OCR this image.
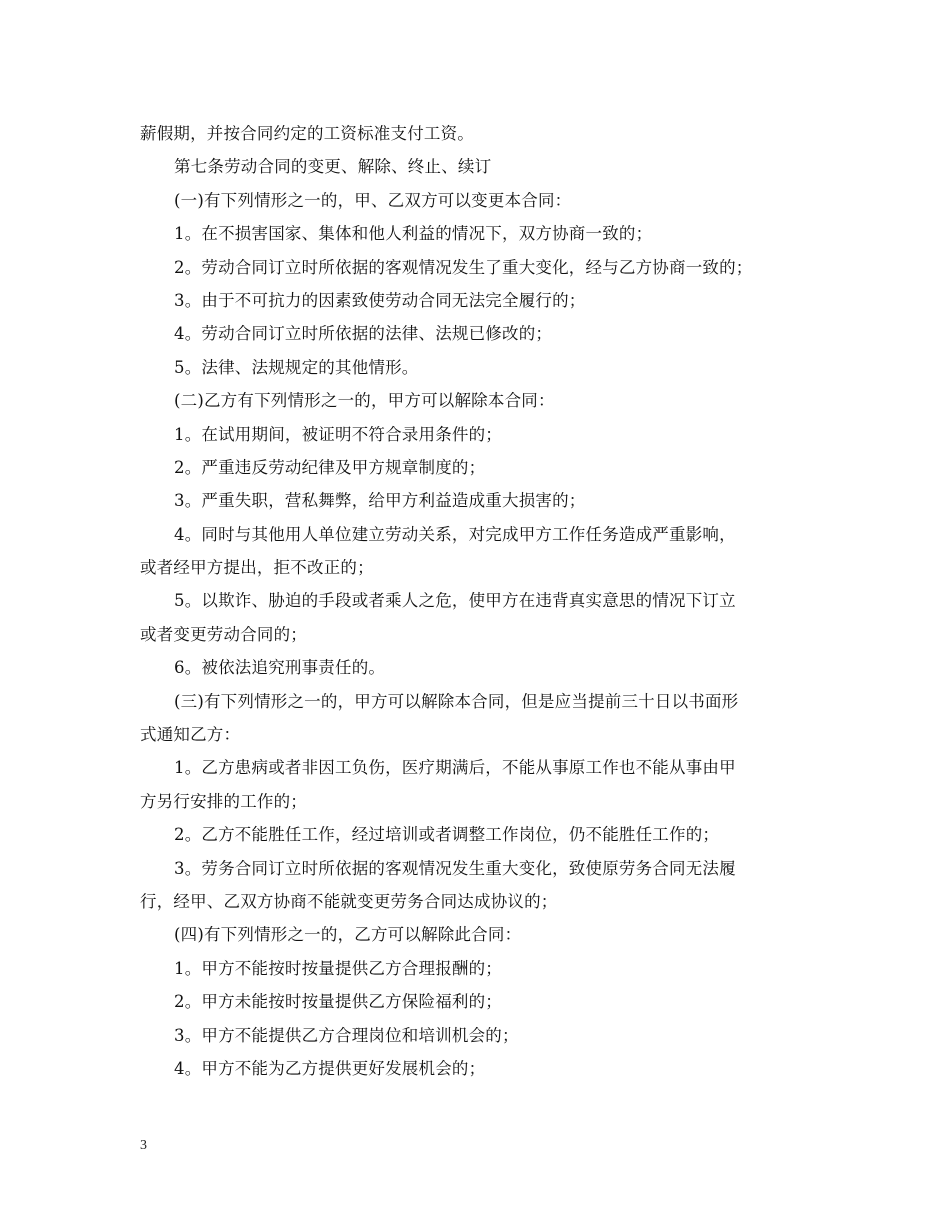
薪假期，并按合同约定的工资标准支付工资。
第七条劳动合同的变更、解除、终止、续订
(一)有下列情形之一的，甲、乙双方可以变更本合同：
1。在不损害国家、集体和他人利益的情况下，双方协商一致的；
2。劳动合同订立时所依据的客观情况发生了重大变化，经与乙方协商一致的；
3。由于不可抗力的因素致使劳动合同无法完全履行的；
4。劳动合同订立时所依据的法律、法规已修改的；
5。法律、法规规定的其他情形。
(二)乙方有下列情形之一的，甲方可以解除本合同：
1。在试用期间，被证明不符合录用条件的；
2。严重违反劳动纪律及甲方规章制度的；
3。严重失职，营私舞弊，给甲方利益造成重大损害的；
4。同时与其他用人单位建立劳动关系，对完成甲方工作任务造成严重影响，
或者经甲方提出，拒不改正的；
5。以欺诈、胁迫的手段或者乘人之危，使甲方在违背真实意思的情况下订立
或者变更劳动合同的；
6。被依法追究刑事责任的。
(三)有下列情形之一的，甲方可以解除本合同，但是应当提前三十日以书面形
式通知乙方：
1。乙方患病或者非因工负伤，医疗期满后，不能从事原工作也不能从事由甲
方另行安排的工作的；
2。乙方不能胜任工作，经过培训或者调整工作岗位，仍不能胜任工作的；
3。劳务合同订立时所依据的客观情况发生重大变化，致使原劳务合同无法履
行，经甲、乙双方协商不能就变更劳务合同达成协议的；
(四)有下列情形之一的，乙方可以解除此合同：
1。甲方不能按时按量提供乙方合理报酬的；
2。甲方未能按时按量提供乙方保险福利的；
3。甲方不能提供乙方合理岗位和培训机会的；
4。甲方不能为乙方提供更好发展机会的；
3
